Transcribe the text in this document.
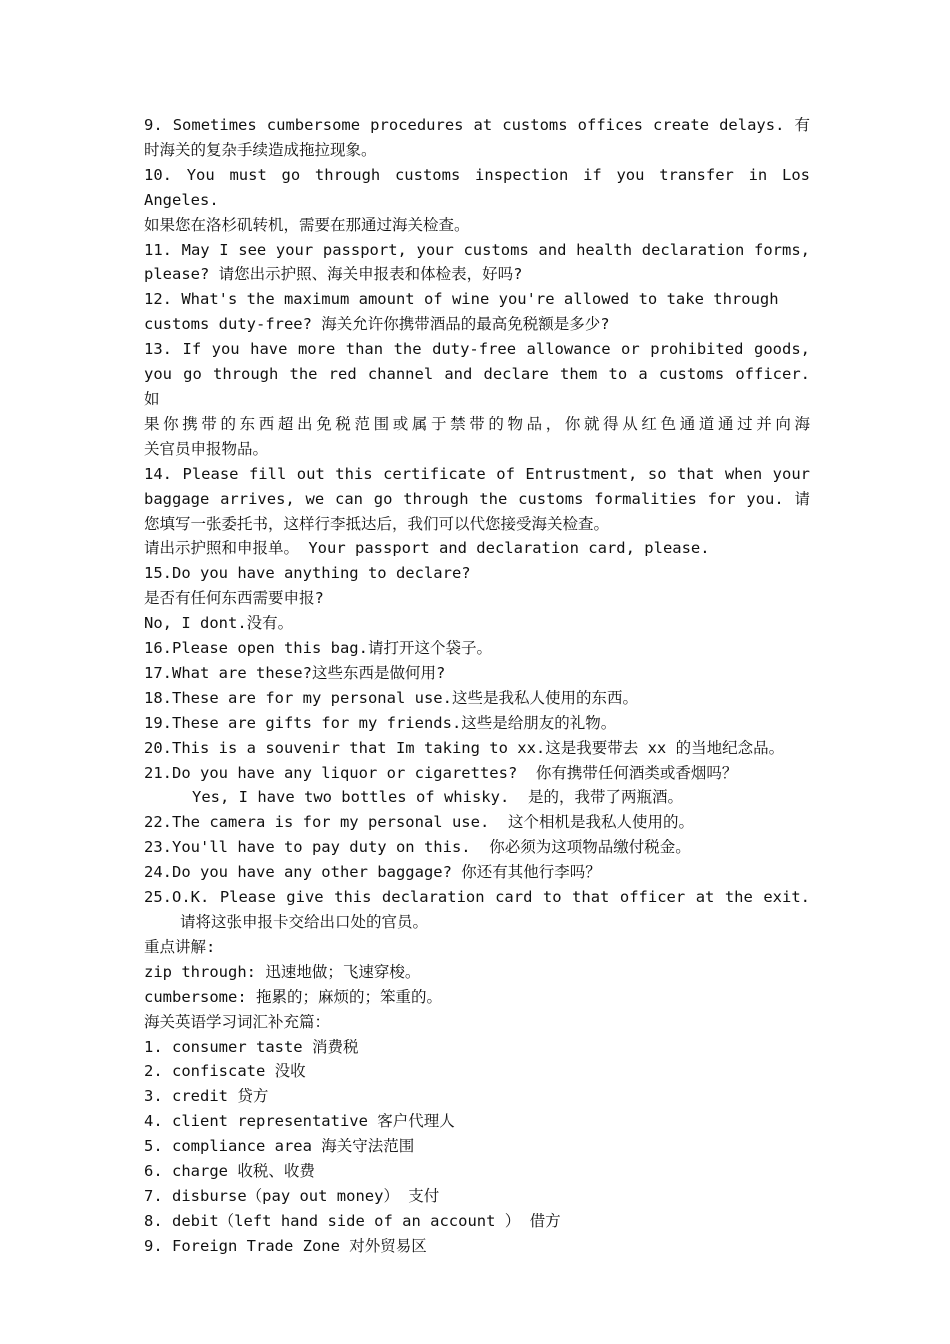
9. Sometimes cumbersome procedures at customs offices create delays. 有

时海关的复杂手续造成拖拉现象。

10. You must go through customs inspection if you transfer in Los Angeles.

如果您在洛杉矶转机，需要在那通过海关检查。

11. May I see your passport, your customs and health declaration forms,

please? 请您出示护照、海关申报表和体检表，好吗?

12. What's the maximum amount of wine you're allowed to take through

customs duty-free? 海关允许你携带酒品的最高免税额是多少?

13. If you have more than the duty-free allowance or prohibited goods,

you go through the red channel and declare them to a customs officer. 如

果你携带的东西超出免税范围或属于禁带的物品，你就得从红色通道通过并向海

关官员申报物品。

14. Please fill out this certificate of Entrustment, so that when your

baggage arrives, we can go through the customs formalities for you. 请

您填写一张委托书，这样行李抵达后，我们可以代您接受海关检查。

请出示护照和申报单。 Your passport and declaration card, please.

15.Do you have anything to declare?

是否有任何东西需要申报?

No, I dont.没有。

16.Please open this bag.请打开这个袋子。

17.What are these?这些东西是做何用?

18.These are for my personal use.这些是我私人使用的东西。

19.These are gifts for my friends.这些是给朋友的礼物。

20.This is a souvenir that Im taking to xx.这是我要带去 xx 的当地纪念品。

21.Do you have any liquor or cigarettes?  你有携带任何酒类或香烟吗？

Yes, I have two bottles of whisky.  是的，我带了两瓶酒。

22.The camera is for my personal use.  这个相机是我私人使用的。

23.You'll have to pay duty on this.  你必须为这项物品缴付税金。

24.Do you have any other baggage? 你还有其他行李吗？

25.O.K. Please give this declaration card to that officer at the exit.

请将这张申报卡交给出口处的官员。

重点讲解:

zip through: 迅速地做；飞速穿梭。

cumbersome: 拖累的；麻烦的；笨重的。

海关英语学习词汇补充篇：

1. consumer taste 消费税

2. confiscate 没收

3. credit 贷方

4. client representative 客户代理人

5. compliance area 海关守法范围

6. charge 收税、收费

7. disburse（pay out money） 支付

8. debit（left hand side of an account ） 借方

9. Foreign Trade Zone 对外贸易区
